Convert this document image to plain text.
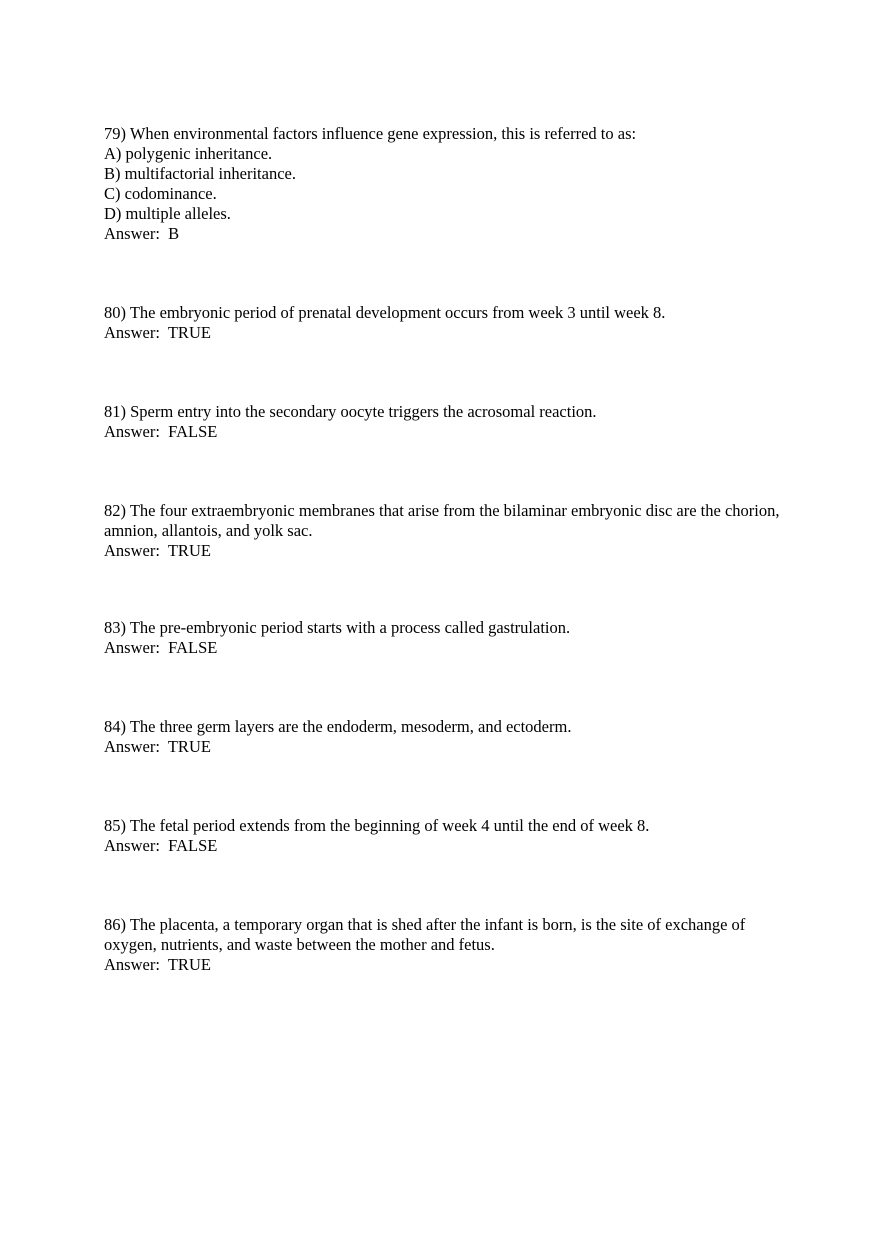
79) When environmental factors influence gene expression, this is referred to as:
A) polygenic inheritance.
B) multifactorial inheritance.
C) codominance.
D) multiple alleles.
Answer:  B
80) The embryonic period of prenatal development occurs from week 3 until week 8.
Answer:  TRUE
81) Sperm entry into the secondary oocyte triggers the acrosomal reaction.
Answer:  FALSE
82) The four extraembryonic membranes that arise from the bilaminar embryonic disc are the chorion, amnion, allantois, and yolk sac.
Answer:  TRUE
83) The pre-embryonic period starts with a process called gastrulation.
Answer:  FALSE
84) The three germ layers are the endoderm, mesoderm, and ectoderm.
Answer:  TRUE
85) The fetal period extends from the beginning of week 4 until the end of week 8.
Answer:  FALSE
86) The placenta, a temporary organ that is shed after the infant is born, is the site of exchange of oxygen, nutrients, and waste between the mother and fetus.
Answer:  TRUE
